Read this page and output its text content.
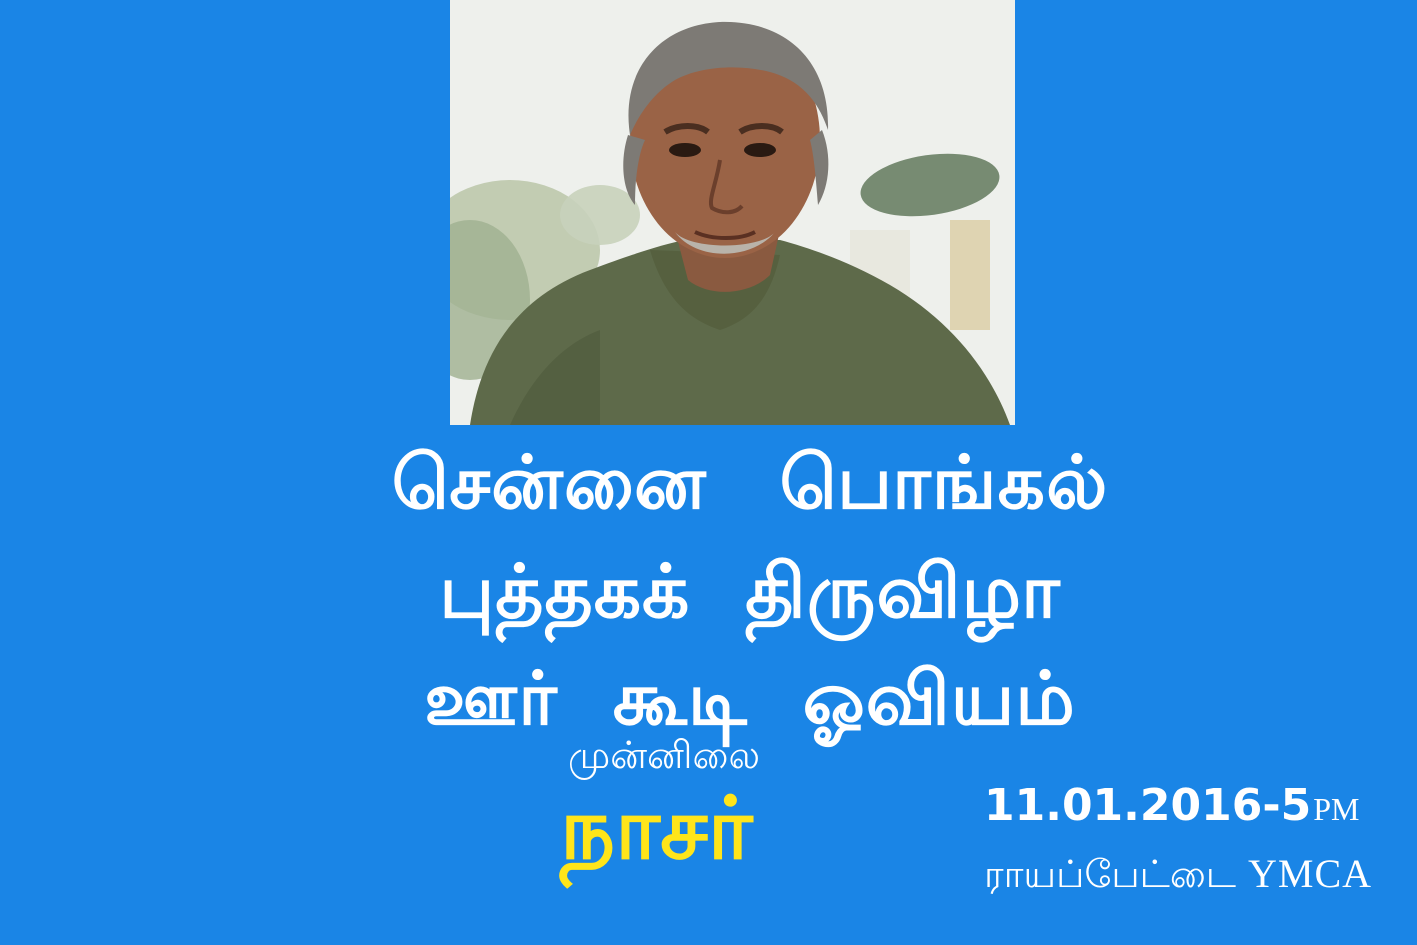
சென்னை பொங்கல்
புத்தகக் திருவிழா
ஊர் கூடி ஓவியம்
முன்னிலை
நாசர்	11.01.2016-5PM
ராயப்பேட்டை YMCA
